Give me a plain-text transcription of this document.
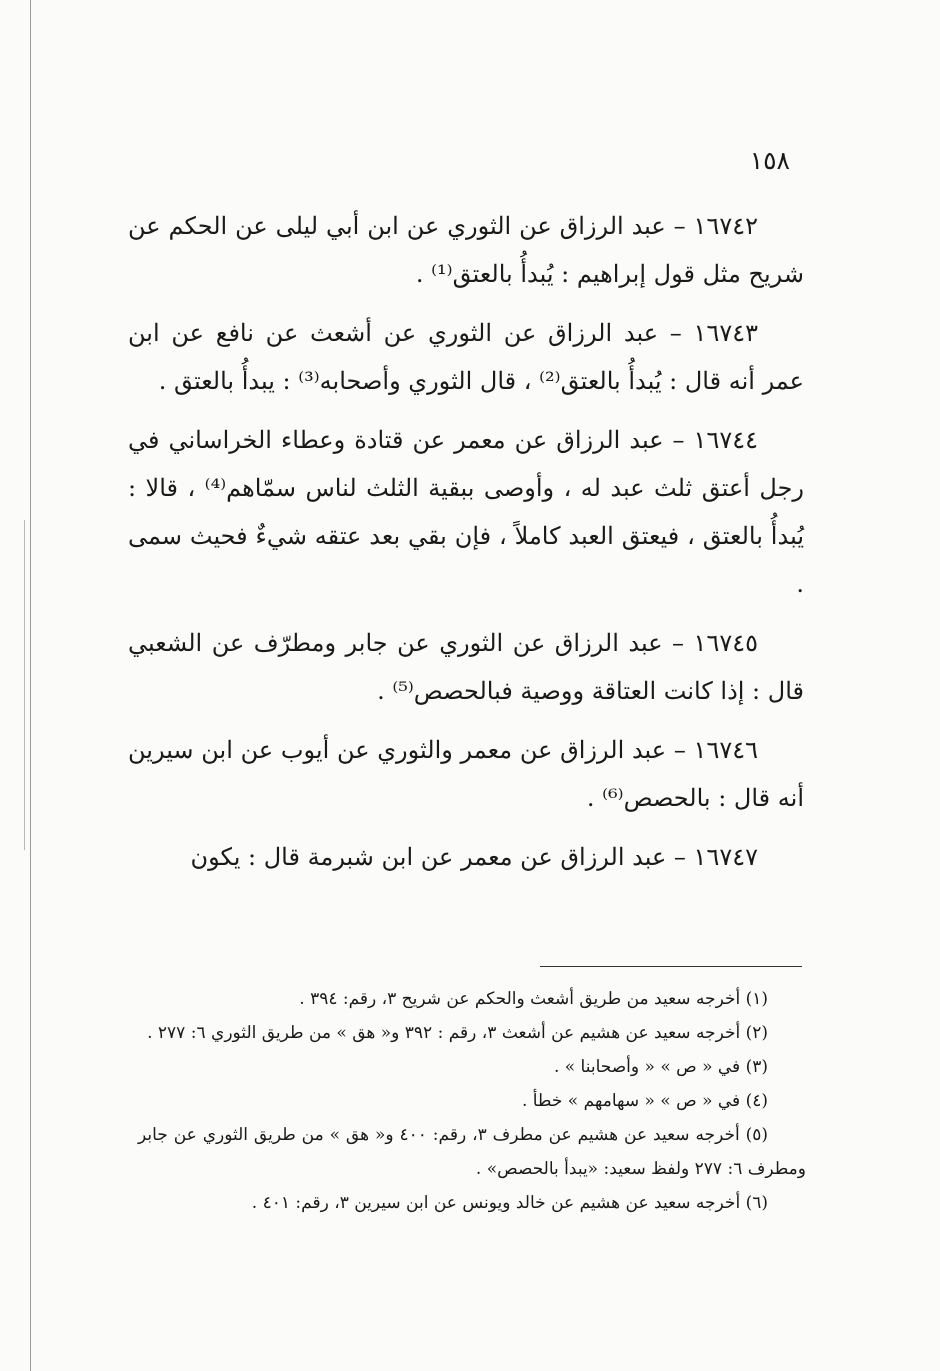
١٥٨

١٦٧٤٢ – عبد الرزاق عن الثوري عن ابن أبي ليلى عن الحكم عن شريح مثل قول إبراهيم : يُبدأُ بالعتق⁽¹⁾ .

١٦٧٤٣ – عبد الرزاق عن الثوري عن أشعث عن نافع عن ابن عمر أنه قال : يُبدأُ بالعتق⁽²⁾ ، قال الثوري وأصحابه⁽³⁾ : يبدأُ بالعتق .

١٦٧٤٤ – عبد الرزاق عن معمر عن قتادة وعطاء الخراساني في رجل أعتق ثلث عبد له ، وأوصى ببقية الثلث لناس سمّاهم⁽⁴⁾ ، قالا : يُبدأُ بالعتق ، فيعتق العبد كاملاً ، فإن بقي بعد عتقه شيءٌ فحيث سمى .

١٦٧٤٥ – عبد الرزاق عن الثوري عن جابر ومطرّف عن الشعبي قال : إذا كانت العتاقة ووصية فبالحصص⁽⁵⁾ .

١٦٧٤٦ – عبد الرزاق عن معمر والثوري عن أيوب عن ابن سيرين أنه قال : بالحصص⁽⁶⁾ .

١٦٧٤٧ – عبد الرزاق عن معمر عن ابن شبرمة قال : يكون

(١) أخرجه سعيد من طريق أشعث والحكم عن شريح ٣، رقم: ٣٩٤ .

(٢) أخرجه سعيد عن هشيم عن أشعث ٣، رقم : ٣٩٢ و« هق » من طريق الثوري ٦: ٢٧٧ .

(٣) في « ص » « وأصحابنا » .

(٤) في « ص » « سهامهم » خطأ .

(٥) أخرجه سعيد عن هشيم عن مطرف ٣، رقم: ٤٠٠ و« هق » من طريق الثوري عن جابر ومطرف ٦: ٢٧٧ ولفظ سعيد: «يبدأ بالحصص» .

(٦) أخرجه سعيد عن هشيم عن خالد ويونس عن ابن سيرين ٣، رقم: ٤٠١ .
